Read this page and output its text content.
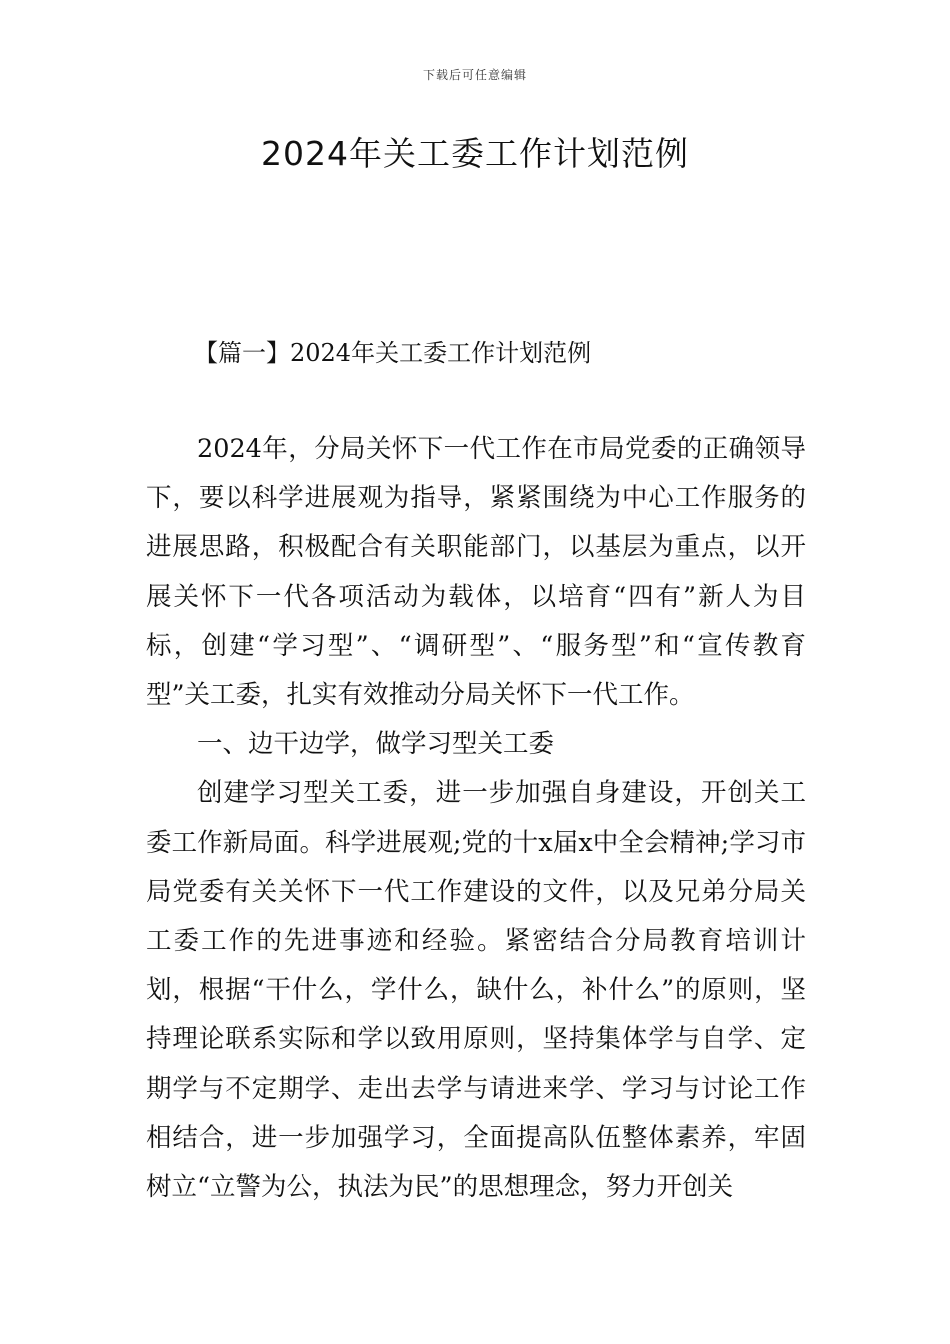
下载后可任意编辑
2024年关工委工作计划范例
【篇一】2024年关工委工作计划范例

2024年，分局关怀下一代工作在市局党委的正确领导下，要以科学进展观为指导，紧紧围绕为中心工作服务的进展思路，积极配合有关职能部门，以基层为重点，以开展关怀下一代各项活动为载体，以培育“四有”新人为目标，创建“学习型”、“调研型”、“服务型”和“宣传教育型”关工委，扎实有效推动分局关怀下一代工作。

一、边干边学，做学习型关工委

创建学习型关工委，进一步加强自身建设，开创关工委工作新局面。科学进展观;党的十x届x中全会精神;学习市局党委有关关怀下一代工作建设的文件，以及兄弟分局关工委工作的先进事迹和经验。紧密结合分局教育培训计划，根据“干什么，学什么，缺什么，补什么”的原则，坚持理论联系实际和学以致用原则，坚持集体学与自学、定期学与不定期学、走出去学与请进来学、学习与讨论工作相结合，进一步加强学习，全面提高队伍整体素养，牢固树立“立警为公，执法为民”的思想理念，努力开创关
